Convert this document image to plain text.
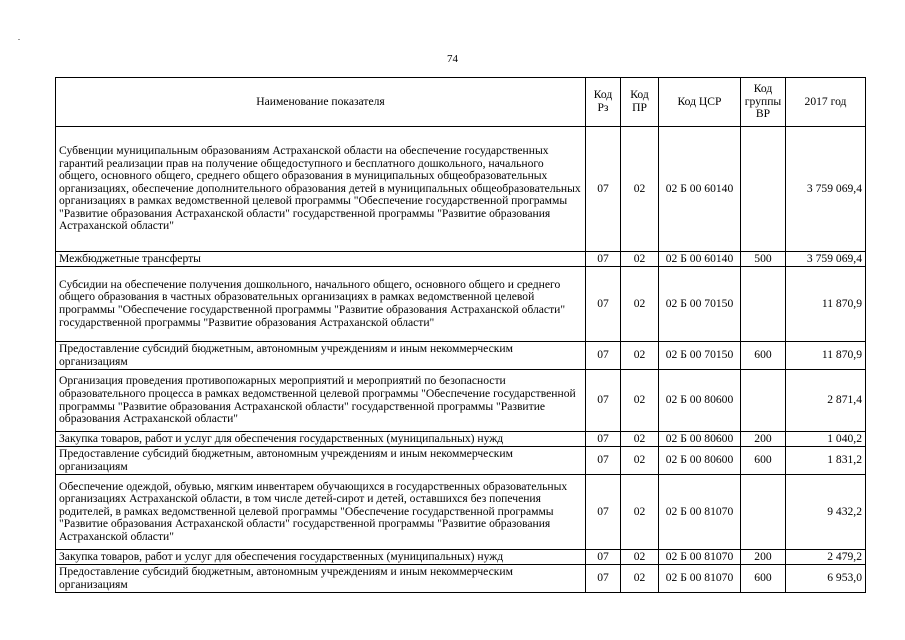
74
Наименование показателя	Код Рз	Код ПР	Код ЦСР	Код группы ВР	2017 год
Субвенции муниципальным образованиям Астраханской области на обеспечение государственных гарантий реализации прав на получение общедоступного и бесплатного дошкольного, начального общего, основного общего, среднего общего образования в муниципальных общеобразовательных организациях, обеспечение дополнительного образования детей в муниципальных общеобразовательных организациях в рамках ведомственной целевой программы "Обеспечение государственной программы "Развитие образования Астраханской области" государственной программы "Развитие образования Астраханской области"	07	02	02 Б 00 60140		3 759 069,4
Межбюджетные трансферты	07	02	02 Б 00 60140	500	3 759 069,4
Субсидии на обеспечение получения дошкольного, начального общего, основного общего и среднего общего образования в частных образовательных организациях в рамках ведомственной целевой программы "Обеспечение государственной программы "Развитие образования Астраханской области" государственной программы "Развитие образования Астраханской области"	07	02	02 Б 00 70150		11 870,9
Предоставление субсидий бюджетным, автономным учреждениям и иным некоммерческим организациям	07	02	02 Б 00 70150	600	11 870,9
Организация проведения противопожарных мероприятий и мероприятий по безопасности образовательного процесса в рамках ведомственной целевой программы "Обеспечение государственной программы "Развитие образования Астраханской области" государственной программы "Развитие образования Астраханской области"	07	02	02 Б 00 80600		2 871,4
Закупка товаров, работ и услуг для обеспечения государственных (муниципальных) нужд	07	02	02 Б 00 80600	200	1 040,2
Предоставление субсидий бюджетным, автономным учреждениям и иным некоммерческим организациям	07	02	02 Б 00 80600	600	1 831,2
Обеспечение одеждой, обувью, мягким инвентарем обучающихся в государственных образовательных организациях Астраханской области, в том числе детей-сирот и детей, оставшихся без попечения родителей, в рамках ведомственной целевой программы "Обеспечение государственной программы "Развитие образования Астраханской области" государственной программы "Развитие образования Астраханской области"	07	02	02 Б 00 81070		9 432,2
Закупка товаров, работ и услуг для обеспечения государственных (муниципальных) нужд	07	02	02 Б 00 81070	200	2 479,2
Предоставление субсидий бюджетным, автономным учреждениям и иным некоммерческим организациям	07	02	02 Б 00 81070	600	6 953,0
